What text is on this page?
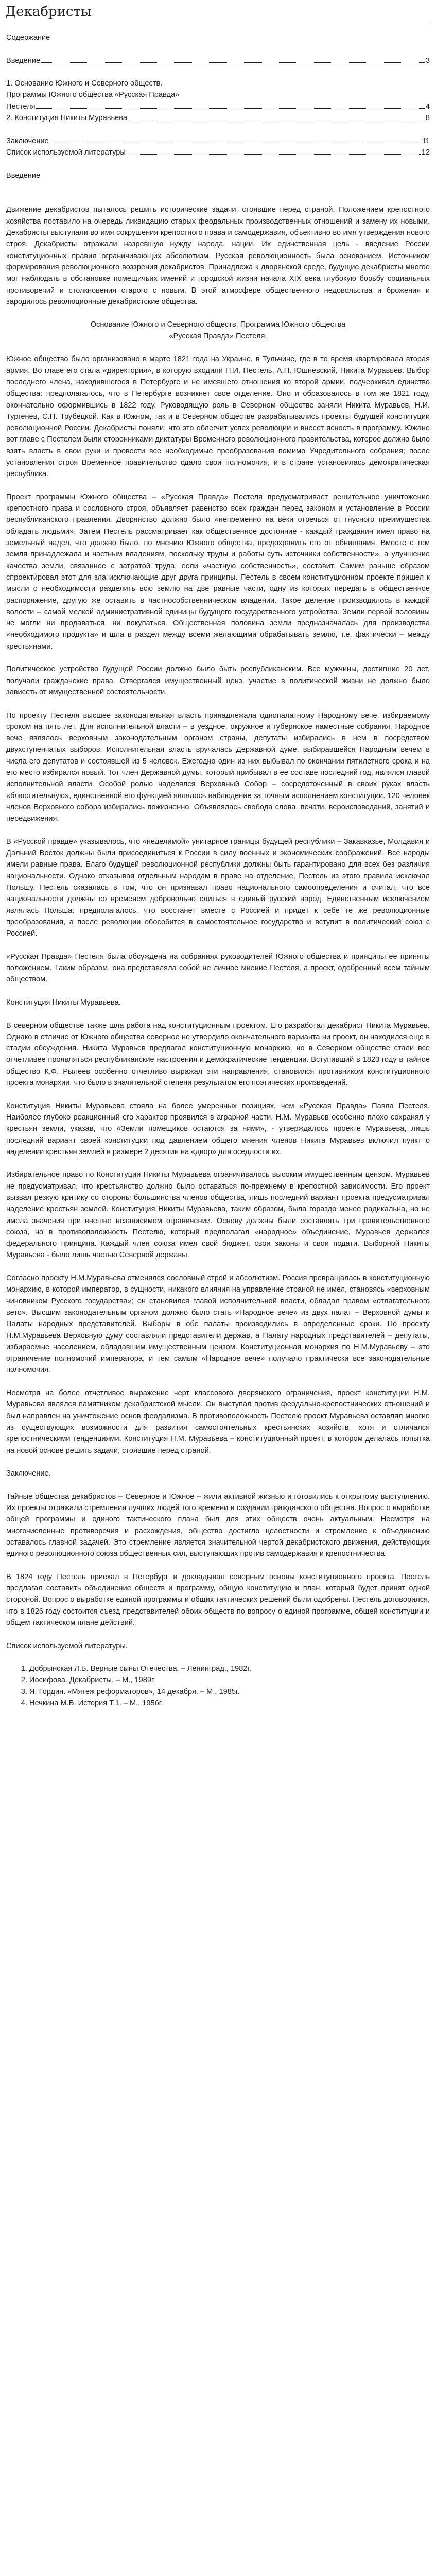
Декабристы

Содержание

Введение	3
1. Основание Южного и Северного обществ.
Программы Южного общества «Русская Правда»
Пестеля	4
2. Конституция Никиты Муравьева	8
Заключение	11
Список используемой литературы	12

Введение

Движение декабристов пыталось решить исторические задачи, стоявшие перед страной. Положением крепостного хозяйства поставило на очередь ликвидацию старых феодальных производственных отношений и замену их новыми. Декабристы выступали во имя сокрушения крепостного права и самодержавия, объективно во имя утверждения нового строя. Декабристы отражали назревшую нужду народа, нации. Их единственная цель - введение России конституционных правил ограничивающих абсолютизм. Русская революционность была основанием. Источником формирования революционного воззрения декабристов. Принадлежа к дворянской среде, будущие декабристы многое мог наблюдать в обстановке помещичьих имений и городской жизни начала XIX века глубокую борьбу социальных противоречий и столкновения старого с новым. В этой атмосфере общественного недовольства и брожения и зародилось революционные декабристские общества.

Основание Южного и Северного обществ. Программа Южного общества
«Русская Правда» Пестеля.

Южное общество было организовано в марте 1821 года на Украине, в Тульчине, где в то время квартировала вторая армия. Во главе его стала «директория», в которую входили П.И. Пестель, А.П. Юшневский, Никита Муравьев. Выбор последнего члена, находившегося в Петербурге и не имевшего отношения ко второй армии, подчеркивал единство общества: предполагалось, что в Петербурге возникнет свое отделение. Оно и образовалось в том же 1821 году, окончательно оформившись в 1822 году. Руководящую роль в Северном обществе заняли Никита Муравьев, Н.И. Тургенев, С.П. Трубецкой. Как в Южном, так и в Северном обществе разрабатывались проекты будущей конституции революционной России. Декабристы поняли, что это облегчит успех революции и внесет ясность в программу. Южане вот главе с Пестелем были сторонниками диктатуры Временного революционного правительства, которое должно было взять власть в свои руки и провести все необходимые преобразования помимо Учредительного собрания; после установления строя Временное правительство сдало свои полномочия, и в стране установилась демократическая республика.

Проект программы Южного общества – «Русская Правда» Пестеля предусматривает решительное уничтожение крепостного права и сословного строя, объявляет равенство всех граждан перед законом и установление в России республиканского правления. Дворянство должно было «непременно на веки отречься от гнусного преимущества обладать людьми». Затем Пестель рассматривает как общественное достояние - каждый гражданин имел право на земельный надел, что должно было, по мнению Южного общества, предохранить его от обнищания. Вместе с тем земля принадлежала и частным владениям, поскольку труды и работы суть источники собственности», а улучшение качества земли, связанное с затратой труда, если «частную собственность», составит. Самим раньше образом спроектировал этот для зла исключающие друг друга принципы. Пестель в своем конституционном проекте пришел к мысли о необходимости разделить всю землю на две равные части, одну из которых передать в общественное распоряжение, другую же оставить в частнособственническом владении. Такое деление производилось в каждой волости – самой мелкой административной единицы будущего государственного устройства. Земли первой половины не могли ни продаваться, ни покупаться. Общественная половина земли предназначалась для производства «необходимого продукта» и шла в раздел между всеми желающими обрабатывать землю, т.е. фактически – между крестьянами.

Политическое устройство будущей России должно было быть республиканским. Все мужчины, достигшие 20 лет, получали гражданские права. Отвергался имущественный ценз, участие в политической жизни не должно было зависеть от имущественной состоятельности.

По проекту Пестеля высшее законодательная власть принадлежала однопалатному Народному вече, избираемому сроком на пять лет. Для исполнительной власти – в уездное, окружное и губернское наместные собрания. Народное вече являлось верховным законодательным органом страны, депутаты избирались в нем в посредством двухступенчатых выборов. Исполнительная власть вручалась Державной думе, выбиравшейся Народным вечем в числа его депутатов и состоявшей из 5 человек. Ежегодно один из них выбывал по окончании пятилетнего срока и на его место избирался новый. Тот член Державной думы, который прибывал в ее составе последний год, являлся главой исполнительной власти. Особой ролью наделялся Верховный Собор – сосредоточенный в своих руках власть «блюстительную», единственной его функцией являлось наблюдение за точным исполнением конституции. 120 человек членов Верховного собора избирались пожизненно. Объявлялась свобода слова, печати, вероисповеданий, занятий и передвижения.

В «Русской правде» указывалось, что «неделимой» унитарное границы будущей республики – Закавказье, Молдавия и Дальний Восток должны были присоединиться к России в силу военных и экономических соображений. Все народы имели равные права. Благо будущей революционной республики должны быть гарантировано для всех без различия национальности. Однако отказывая отдельным народам в праве на отделение, Пестель из этого правила исключал Польшу. Пестель сказалась в том, что он признавал право национального самоопределения и считал, что все национальности должны со временем добровольно слиться в единый русский народ. Единственным исключением являлась Польша: предполагалось, что восстанет вместе с Россией и придет к себе те же революционные преобразования, а после революции обособится в самостоятельное государство и вступит в политический союз с Россией.

«Русская Правда» Пестеля была обсуждена на собраниях руководителей Южного общества и принципы ее приняты положением. Таким образом, она представляла собой не личное мнение Пестеля, а проект, одобренный всем тайным обществом.

Конституция Никиты Муравьева.

В северном обществе также шла работа над конституционным проектом. Его разработал декабрист Никита Муравьев. Однако в отличие от Южного общества северное не утвердило окончательного варианта ни проект, он находился еще в стадии обсуждения. Никита Муравьев предлагал конституционную монархию, но в Северном обществе стали все отчетливее проявляться республиканские настроения и демократические тенденции. Вступивший в 1823 году в тайное общество К.Ф. Рылеев особенно отчетливо выражал эти направления, становился противником конституционного проекта монархии, что было в значительной степени результатом его поэтических произведений.

Конституция Никиты Муравьева стояла на более умеренных позициях, чем «Русская Правда» Павла Пестеля. Наиболее глубоко реакционный его характер проявился в аграрной части. Н.М. Муравьев особенно плохо сохранял у крестьян земли, указав, что «Земли помещиков остаются за ними», - утверждалось проекте Муравьева, лишь последний вариант своей конституции под давлением общего мнения членов Никита Муравьев включил пункт о наделении крестьян землей в размере 2 десятин на «двор» для оседлости их.

Избирательное право по Конституции Никиты Муравьева ограничивалось высоким имущественным цензом. Муравьев не предусматривал, что крестьянство должно было оставаться по-прежнему в крепостной зависимости. Его проект вызвал резкую критику со стороны большинства членов общества, лишь последний вариант проекта предусматривал наделение крестьян землей. Конституция Никиты Муравьева, таким образом, была гораздо менее радикальна, но не имела значения при внешне независимом ограничении. Основу должны были составлять три правительственного союза, но в противоположность Пестелю, который предполагал «народное» объединение, Муравьев держался федерального принципа. Каждый член союза имел свой бюджет, свои законы и свои подати. Выборной Никиты Муравьева - было лишь частью Северной державы.

Согласно проекту Н.М.Муравьева отменялся сословный строй и абсолютизм. Россия превращалась в конституционную монархию, в которой император, в сущности, никакого влияния на управление страной не имел, становясь «верховным чиновником Русского государства»; он становился главой исполнительной власти, обладал правом «отлагательного вето». Высшим законодательным органом должно было стать «Народное вече» из двух палат – Верховной думы и Палаты народных представителей. Выборы в обе палаты производились в определенные сроки. По проекту Н.М.Муравьева Верховную думу составляли представители держав, а Палату народных представителей – депутаты, избираемые населением, обладавшим имущественным цензом. Конституционная монархия по Н.М.Муравьеву – это ограничение полномочий императора, и тем самым «Народное вече» получало практически все законодательные полномочия.

Несмотря на более отчетливое выражение черт классового дворянского ограничения, проект конституции Н.М. Муравьева являлся памятником декабристской мысли. Он выступал против феодально-крепостнических отношений и был направлен на уничтожение основ феодализма. В противоположность Пестелю проект Муравьева оставлял многие из существующих возможности для развития самостоятельных крестьянских хозяйств, хотя и отличался крепостническими тенденциями. Конституция Н.М. Муравьева – конституционный проект, в котором делалась попытка на новой основе решить задачи, стоявшие перед страной.

Заключение.

Тайные общества декабристов – Северное и Южное – жили активной жизнью и готовились к открытому выступлению. Их проекты отражали стремления лучших людей того времени в создании гражданского общества. Вопрос о выработке общей программы и единого тактического плана был для этих обществ очень актуальным. Несмотря на многочисленные противоречия и расхождения, общество достигло целостности и стремление к объединению оставалось главной задачей. Это стремление является значительной чертой декабристского движения, действующих единого революционного союза общественных сил, выступающих против самодержавия и крепостничества.

В 1824 году Пестель приехал в Петербург и докладывал северным основы конституционного проекта. Пестель предлагал составить объединение обществ и программу, общую конституцию и план, который будет принят одной стороной. Вопрос о выработке единой программы и общих тактических решений были одобрены. Пестель договорился, что в 1826 году состоится съезд представителей обоих обществ по вопросу о единой программе, общей конституции и общем тактическом плане действий.

Список используемой литературы.

1. Добрынская Л.Б. Верные сыны Отечества. – Ленинград., 1982г.
2. Иосифова. Декабристы. – М., 1989г.
3. Я. Гордин. «Мятеж реформаторов», 14 декабря. – М., 1985г.
4. Нечкина М.В. История Т.1. – М., 1956г.
